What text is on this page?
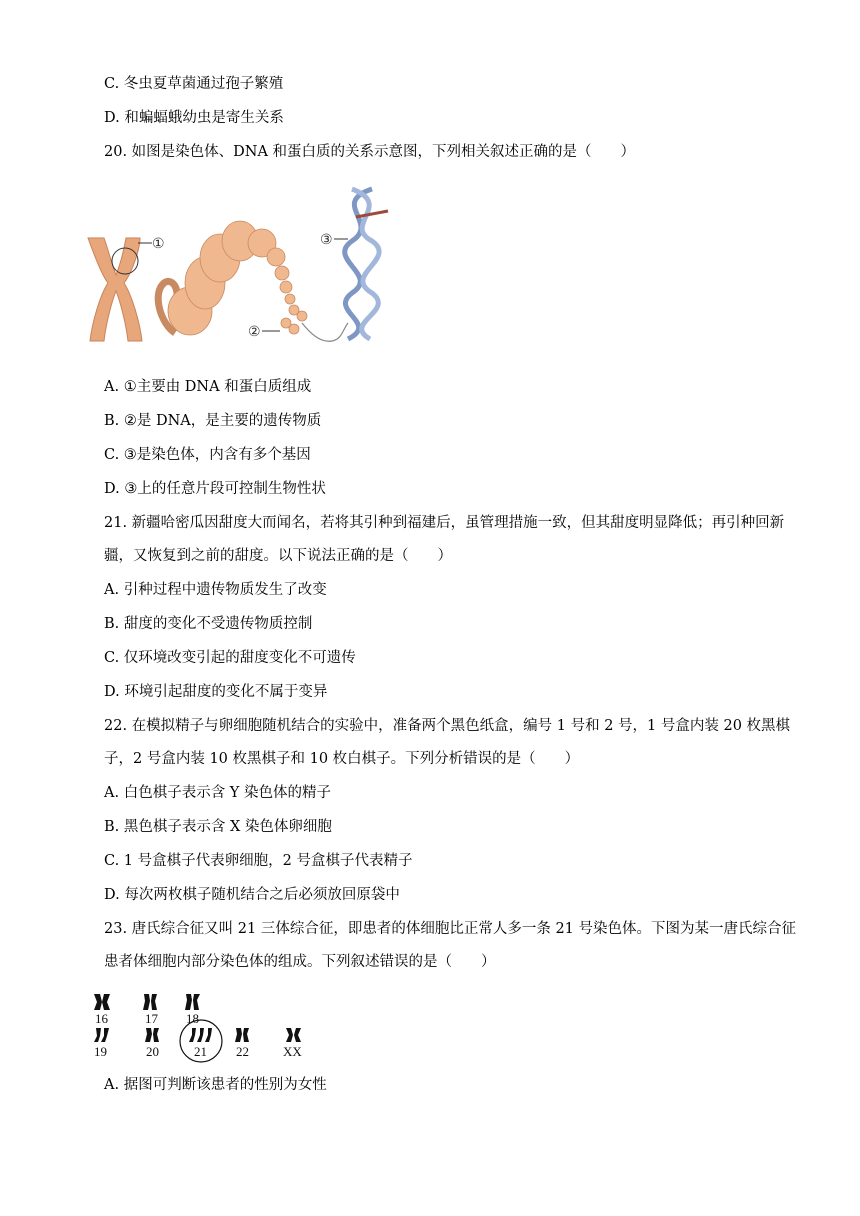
C. 冬虫夏草菌通过孢子繁殖
D. 和蝙蝠蛾幼虫是寄生关系
20. 如图是染色体、DNA 和蛋白质的关系示意图，下列相关叙述正确的是（　　）
①
②
③
A. ①主要由 DNA 和蛋白质组成
B. ②是 DNA，是主要的遗传物质
C. ③是染色体，内含有多个基因
D. ③上的任意片段可控制生物性状
21. 新疆哈密瓜因甜度大而闻名，若将其引种到福建后，虽管理措施一致，但其甜度明显降低；再引种回新
疆，又恢复到之前的甜度。以下说法正确的是（　　）
A. 引种过程中遗传物质发生了改变
B. 甜度的变化不受遗传物质控制
C. 仅环境改变引起的甜度变化不可遗传
D. 环境引起甜度的变化不属于变异
22. 在模拟精子与卵细胞随机结合的实验中，准备两个黑色纸盒，编号 1 号和 2 号，1 号盒内装 20 枚黑棋
子，2 号盒内装 10 枚黑棋子和 10 枚白棋子。下列分析错误的是（　　）
A. 白色棋子表示含 Y 染色体的精子
B. 黑色棋子表示含 X 染色体卵细胞
C. 1 号盒棋子代表卵细胞，2 号盒棋子代表精子
D. 每次两枚棋子随机结合之后必须放回原袋中
23. 唐氏综合征又叫 21 三体综合征，即患者的体细胞比正常人多一条 21 号染色体。下图为某一唐氏综合征
患者体细胞内部分染色体的组成。下列叙述错误的是（　　）
16	17 18
19	20	21 22	XX
A. 据图可判断该患者的性别为女性
